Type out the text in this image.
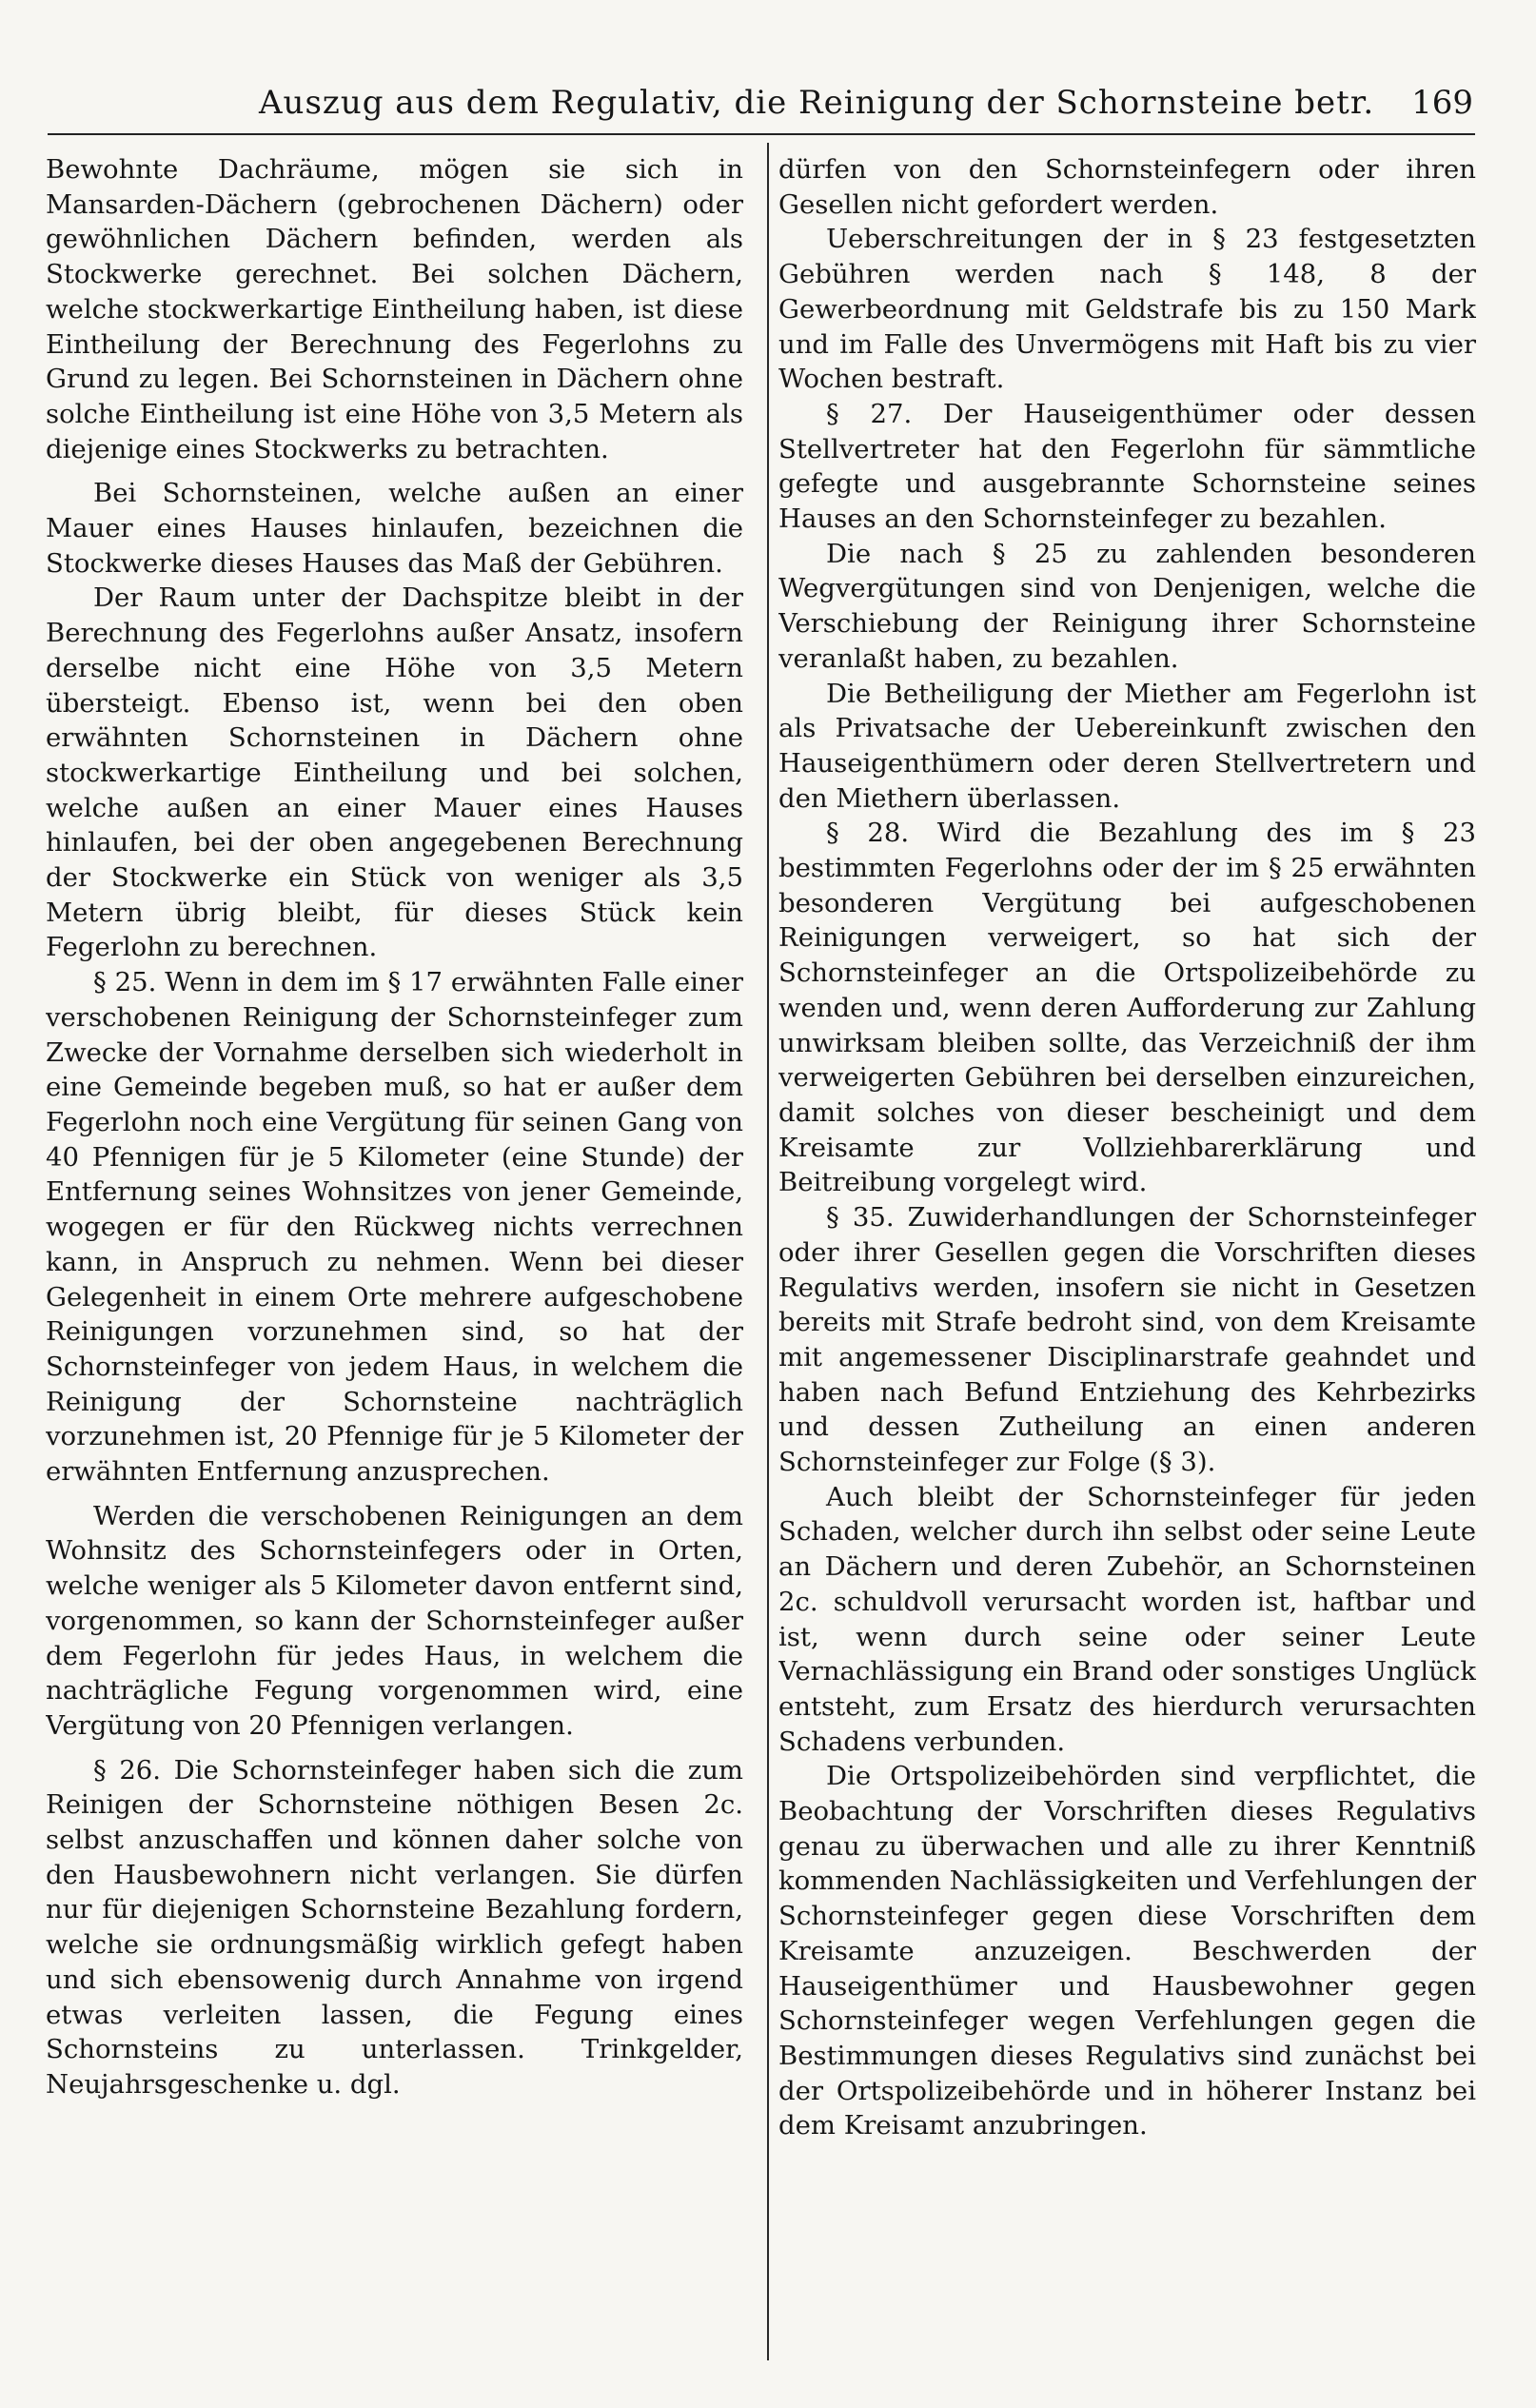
Auszug aus dem Regulativ, die Reinigung der Schornsteine betr. 169

Bewohnte Dachräume, mögen sie sich in Mansarden-Dächern (gebrochenen Dächern) oder gewöhnlichen Dächern befinden, werden als Stockwerke gerechnet. Bei solchen Dächern, welche stockwerkartige Eintheilung haben, ist diese Eintheilung der Berechnung des Fegerlohns zu Grund zu legen. Bei Schornsteinen in Dächern ohne solche Eintheilung ist eine Höhe von 3,5 Metern als diejenige eines Stockwerks zu betrachten.

Bei Schornsteinen, welche außen an einer Mauer eines Hauses hinlaufen, bezeichnen die Stockwerke dieses Hauses das Maß der Gebühren.

Der Raum unter der Dachspitze bleibt in der Berechnung des Fegerlohns außer Ansatz, insofern derselbe nicht eine Höhe von 3,5 Metern übersteigt. Ebenso ist, wenn bei den oben erwähnten Schornsteinen in Dächern ohne stockwerkartige Eintheilung und bei solchen, welche außen an einer Mauer eines Hauses hinlaufen, bei der oben angegebenen Berechnung der Stockwerke ein Stück von weniger als 3,5 Metern übrig bleibt, für dieses Stück kein Fegerlohn zu berechnen.

§ 25. Wenn in dem im § 17 erwähnten Falle einer verschobenen Reinigung der Schornsteinfeger zum Zwecke der Vornahme derselben sich wiederholt in eine Gemeinde begeben muß, so hat er außer dem Fegerlohn noch eine Vergütung für seinen Gang von 40 Pfennigen für je 5 Kilometer (eine Stunde) der Entfernung seines Wohnsitzes von jener Gemeinde, wogegen er für den Rückweg nichts verrechnen kann, in Anspruch zu nehmen. Wenn bei dieser Gelegenheit in einem Orte mehrere aufgeschobene Reinigungen vorzunehmen sind, so hat der Schornsteinfeger von jedem Haus, in welchem die Reinigung der Schornsteine nachträglich vorzunehmen ist, 20 Pfennige für je 5 Kilometer der erwähnten Entfernung anzusprechen.

Werden die verschobenen Reinigungen an dem Wohnsitz des Schornsteinfegers oder in Orten, welche weniger als 5 Kilometer davon entfernt sind, vorgenommen, so kann der Schornsteinfeger außer dem Fegerlohn für jedes Haus, in welchem die nachträgliche Fegung vorgenommen wird, eine Vergütung von 20 Pfennigen verlangen.

§ 26. Die Schornsteinfeger haben sich die zum Reinigen der Schornsteine nöthigen Besen 2c. selbst anzuschaffen und können daher solche von den Hausbewohnern nicht verlangen. Sie dürfen nur für diejenigen Schornsteine Bezahlung fordern, welche sie ordnungsmäßig wirklich gefegt haben und sich ebensowenig durch Annahme von irgend etwas verleiten lassen, die Fegung eines Schornsteins zu unterlassen. Trinkgelder, Neujahrsgeschenke u. dgl.

dürfen von den Schornsteinfegern oder ihren Gesellen nicht gefordert werden.

Ueberschreitungen der in § 23 festgesetzten Gebühren werden nach § 148, 8 der Gewerbeordnung mit Geldstrafe bis zu 150 Mark und im Falle des Unvermögens mit Haft bis zu vier Wochen bestraft.

§ 27. Der Hauseigenthümer oder dessen Stellvertreter hat den Fegerlohn für sämmtliche gefegte und ausgebrannte Schornsteine seines Hauses an den Schornsteinfeger zu bezahlen.

Die nach § 25 zu zahlenden besonderen Wegvergütungen sind von Denjenigen, welche die Verschiebung der Reinigung ihrer Schornsteine veranlaßt haben, zu bezahlen.

Die Betheiligung der Miether am Fegerlohn ist als Privatsache der Uebereinkunft zwischen den Hauseigenthümern oder deren Stellvertretern und den Miethern überlassen.

§ 28. Wird die Bezahlung des im § 23 bestimmten Fegerlohns oder der im § 25 erwähnten besonderen Vergütung bei aufgeschobenen Reinigungen verweigert, so hat sich der Schornsteinfeger an die Ortspolizeibehörde zu wenden und, wenn deren Aufforderung zur Zahlung unwirksam bleiben sollte, das Verzeichniß der ihm verweigerten Gebühren bei derselben einzureichen, damit solches von dieser bescheinigt und dem Kreisamte zur Vollziehbarerklärung und Beitreibung vorgelegt wird.

§ 35. Zuwiderhandlungen der Schornsteinfeger oder ihrer Gesellen gegen die Vorschriften dieses Regulativs werden, insofern sie nicht in Gesetzen bereits mit Strafe bedroht sind, von dem Kreisamte mit angemessener Disciplinarstrafe geahndet und haben nach Befund Entziehung des Kehrbezirks und dessen Zutheilung an einen anderen Schornsteinfeger zur Folge (§ 3).

Auch bleibt der Schornsteinfeger für jeden Schaden, welcher durch ihn selbst oder seine Leute an Dächern und deren Zubehör, an Schornsteinen 2c. schuldvoll verursacht worden ist, haftbar und ist, wenn durch seine oder seiner Leute Vernachlässigung ein Brand oder sonstiges Unglück entsteht, zum Ersatz des hierdurch verursachten Schadens verbunden.

Die Ortspolizeibehörden sind verpflichtet, die Beobachtung der Vorschriften dieses Regulativs genau zu überwachen und alle zu ihrer Kenntniß kommenden Nachlässigkeiten und Verfehlungen der Schornsteinfeger gegen diese Vorschriften dem Kreisamte anzuzeigen. Beschwerden der Hauseigenthümer und Hausbewohner gegen Schornsteinfeger wegen Verfehlungen gegen die Bestimmungen dieses Regulativs sind zunächst bei der Ortspolizeibehörde und in höherer Instanz bei dem Kreisamt anzubringen.
